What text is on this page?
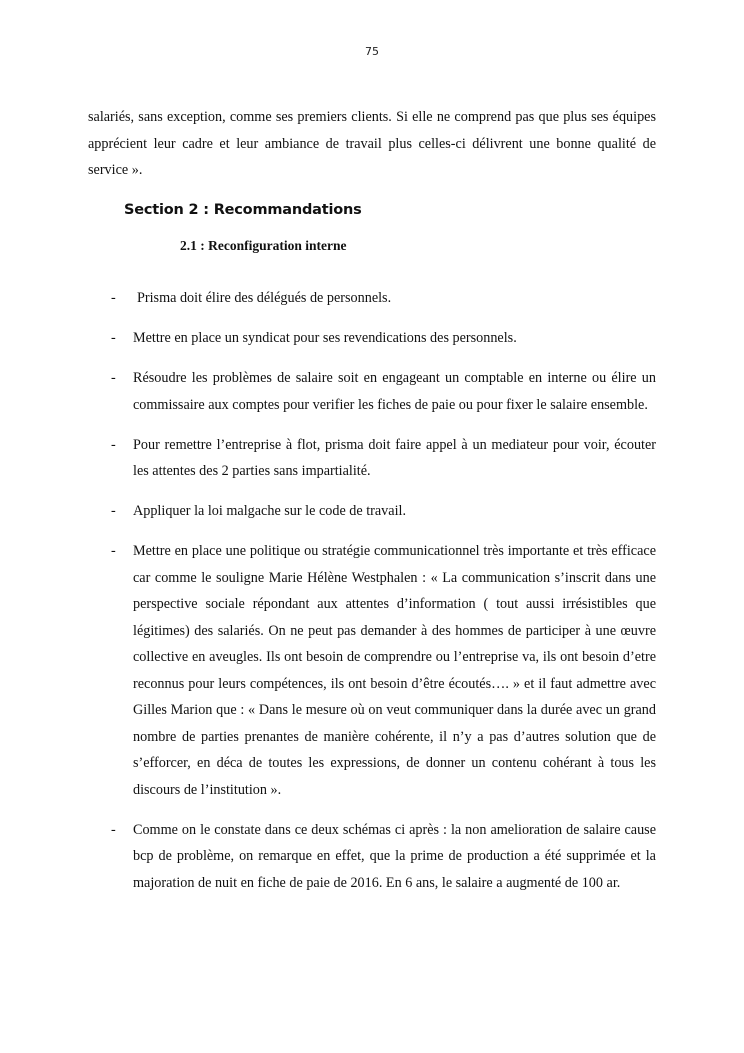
75

salariés, sans exception, comme ses premiers clients. Si elle ne comprend pas que plus ses équipes apprécient leur cadre et leur ambiance de travail plus celles-ci délivrent une bonne qualité de service ».

Section 2 : Recommandations
2.1 : Reconfiguration interne
- Prisma doit élire des délégués de personnels.
- Mettre en place un syndicat pour ses revendications des personnels.
- Résoudre les problèmes de salaire soit en engageant un comptable en interne ou élire un commissaire aux comptes pour verifier les fiches de paie ou pour fixer le salaire ensemble.
- Pour remettre l’entreprise à flot, prisma doit faire appel à un mediateur pour voir, écouter les attentes des 2 parties sans impartialité.
- Appliquer la loi malgache sur le code de travail.
- Mettre en place une politique ou stratégie communicationnel très importante et très efficace car comme le souligne Marie Hélène Westphalen : « La communication s’inscrit dans une perspective sociale répondant aux attentes d’information ( tout aussi irrésistibles que légitimes) des salariés. On ne peut pas demander à des hommes de participer à une œuvre collective en aveugles. Ils ont besoin de comprendre ou l’entreprise va, ils ont besoin d’etre reconnus pour leurs compétences, ils ont besoin d’être écoutés…. » et il faut admettre avec Gilles Marion que : « Dans le mesure où on veut communiquer dans la durée avec un grand nombre de parties prenantes de manière cohérente, il n’y a pas d’autres solution que de s’efforcer, en déca de toutes les expressions, de donner un contenu cohérant à tous les discours de l’institution ».
- Comme on le constate dans ce deux schémas ci après : la non amelioration de salaire cause bcp de problème, on remarque en effet, que la prime de production a été supprimée et la majoration de nuit en fiche de paie de 2016. En 6 ans, le salaire a augmenté de 100 ar.
